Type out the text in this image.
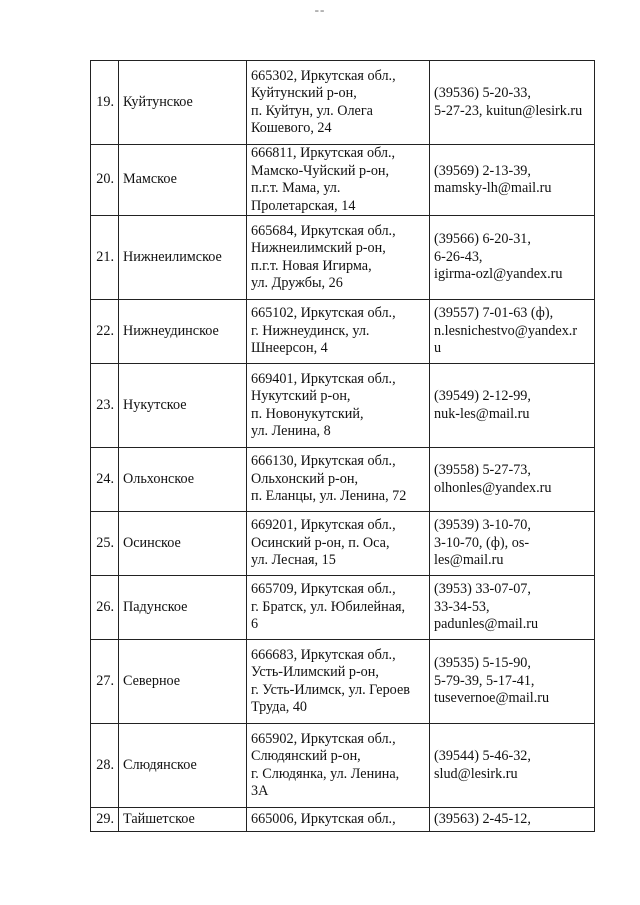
--
19.	Куйтунское	665302, Иркутская обл.,
Куйтунский р-он,
п. Куйтун, ул. Олега
Кошевого, 24	(39536) 5-20-33,
5-27-23, kuitun@lesirk.ru

20.	Мамское	666811, Иркутская обл.,
Мамско-Чуйский р-он,
п.г.т. Мама, ул.
Пролетарская, 14	(39569) 2-13-39,
mamsky-lh@mail.ru

21.	Нижнеилимское	665684, Иркутская обл.,
Нижнеилимский р-он,
п.г.т. Новая Игирма,
ул. Дружбы, 26	(39566) 6-20-31,
6-26-43,
igirma-ozl@yandex.ru

22.	Нижнеудинское	665102, Иркутская обл.,
г. Нижнеудинск, ул.
Шнеерсон, 4	(39557) 7-01-63 (ф),
n.lesnichestvo@yandex.r
u

23.	Нукутское	669401, Иркутская обл.,
Нукутский р-он,
п. Новонукутский,
ул. Ленина, 8	(39549) 2-12-99,
nuk-les@mail.ru

24.	Ольхонское	666130, Иркутская обл.,
Ольхонский р-он,
п. Еланцы, ул. Ленина, 72	(39558) 5-27-73,
olhonles@yandex.ru

25.	Осинское	669201, Иркутская обл.,
Осинский р-он, п. Оса,
ул. Лесная, 15	(39539) 3-10-70,
3-10-70, (ф), os-
les@mail.ru

26.	Падунское	665709, Иркутская обл.,
г. Братск, ул. Юбилейная,
6	(3953) 33-07-07,
33-34-53,
padunles@mail.ru

27.	Северное	666683, Иркутская обл.,
Усть-Илимский р-он,
г. Усть-Илимск, ул. Героев
Труда, 40	(39535) 5-15-90,
5-79-39, 5-17-41,
tusevernoe@mail.ru

28.	Слюдянское	665902, Иркутская обл.,
Слюдянский р-он,
г. Слюдянка, ул. Ленина,
3А	(39544) 5-46-32,
slud@lesirk.ru

29.	Тайшетское	665006, Иркутская обл.,	(39563) 2-45-12,
